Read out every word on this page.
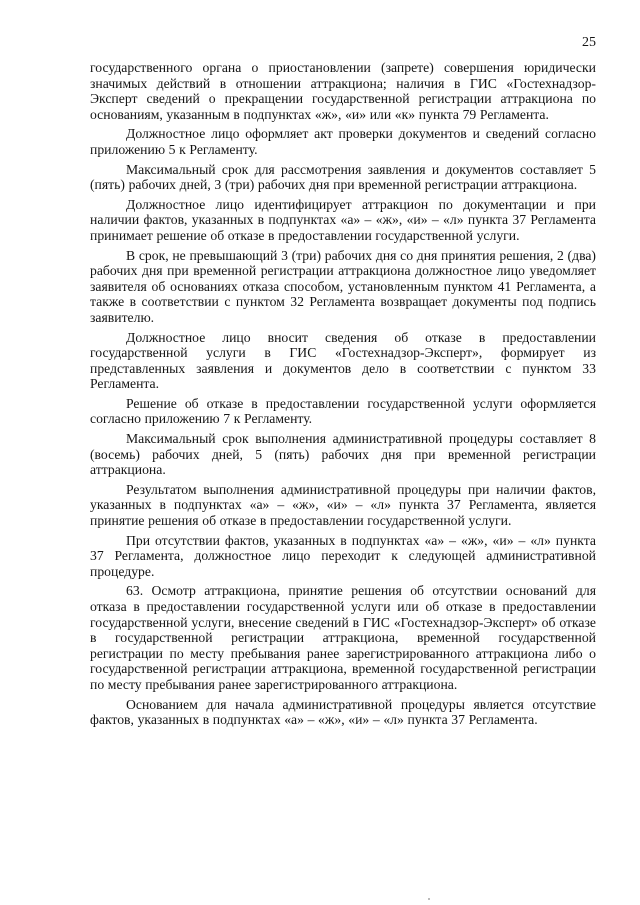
25

государственного органа о приостановлении (запрете) совершения юридически значимых действий в отношении аттракциона; наличия в ГИС «Гостехнадзор-Эксперт сведений о прекращении государственной регистрации аттракциона по основаниям, указанным в подпунктах «ж», «и» или «к» пункта 79 Регламента.

Должностное лицо оформляет акт проверки документов и сведений согласно приложению 5 к Регламенту.

Максимальный срок для рассмотрения заявления и документов составляет 5 (пять) рабочих дней, 3 (три) рабочих дня при временной регистрации аттракциона.

Должностное лицо идентифицирует аттракцион по документации и при наличии фактов, указанных в подпунктах «а» – «ж», «и» – «л» пункта 37 Регламента принимает решение об отказе в предоставлении государственной услуги.

В срок, не превышающий 3 (три) рабочих дня со дня принятия решения, 2 (два) рабочих дня при временной регистрации аттракциона должностное лицо уведомляет заявителя об основаниях отказа способом, установленным пунктом 41 Регламента, а также в соответствии с пунктом 32 Регламента возвращает документы под подпись заявителю.

Должностное лицо вносит сведения об отказе в предоставлении государственной услуги в ГИС «Гостехнадзор-Эксперт», формирует из представленных заявления и документов дело в соответствии с пунктом 33 Регламента.

Решение об отказе в предоставлении государственной услуги оформляется согласно приложению 7 к Регламенту.

Максимальный срок выполнения административной процедуры составляет 8 (восемь) рабочих дней, 5 (пять) рабочих дня при временной регистрации аттракциона.

Результатом выполнения административной процедуры при наличии фактов, указанных в подпунктах «а» – «ж», «и» – «л» пункта 37 Регламента, является принятие решения об отказе в предоставлении государственной услуги.

При отсутствии фактов, указанных в подпунктах «а» – «ж», «и» – «л» пункта 37 Регламента, должностное лицо переходит к следующей административной процедуре.

63. Осмотр аттракциона, принятие решения об отсутствии оснований для отказа в предоставлении государственной услуги или об отказе в предоставлении государственной услуги, внесение сведений в ГИС «Гостехнадзор-Эксперт» об отказе в государственной регистрации аттракциона, временной государственной регистрации по месту пребывания ранее зарегистрированного аттракциона либо о государственной регистрации аттракциона, временной государственной регистрации по месту пребывания ранее зарегистрированного аттракциона.

Основанием для начала административной процедуры является отсутствие фактов, указанных в подпунктах «а» – «ж», «и» – «л» пункта 37 Регламента.
